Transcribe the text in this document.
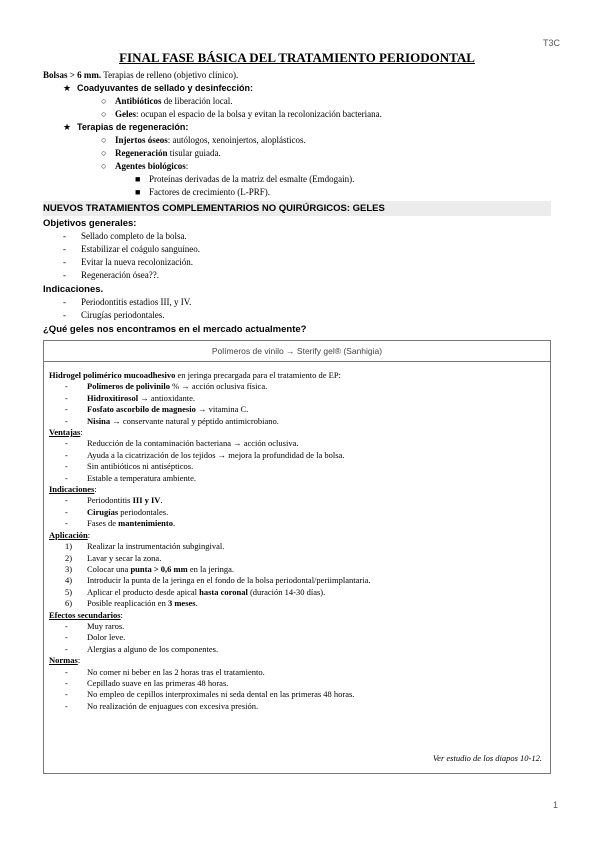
T3C
FINAL FASE BÁSICA DEL TRATAMIENTO PERIODONTAL
Bolsas > 6 mm. Terapias de relleno (objetivo clínico).
★ Coadyuvantes de sellado y desinfección:
○ Antibióticos de liberación local.
○ Geles: ocupan el espacio de la bolsa y evitan la recolonización bacteriana.
★ Terapias de regeneración:
○ Injertos óseos: autólogos, xenoinjertos, aloplásticos.
○ Regeneración tisular guiada.
○ Agentes biológicos:
■ Proteínas derivadas de la matriz del esmalte (Emdogain).
■ Factores de crecimiento (L-PRF).
NUEVOS TRATAMIENTOS COMPLEMENTARIOS NO QUIRÚRGICOS: GELES
Objetivos generales:
- Sellado completo de la bolsa.
- Estabilizar el coágulo sanguíneo.
- Evitar la nueva recolonización.
- Regeneración ósea??.
Indicaciones.
- Periodontitis estadios III, y IV.
- Cirugías periodontales.
¿Qué geles nos encontramos en el mercado actualmente?
Polímeros de vinilo → Sterify gel® (Sanhigia)
Hidrogel polimérico mucoadhesivo en jeringa precargada para el tratamiento de EP:
- Polímeros de polivinilo % → acción oclusiva física.
- Hidroxitirosol → antioxidante.
- Fosfato ascorbilo de magnesio → vitamina C.
- Nisina → conservante natural y péptido antimicrobiano.
Ventajas:
- Reducción de la contaminación bacteriana → acción oclusiva.
- Ayuda a la cicatrización de los tejidos → mejora la profundidad de la bolsa.
- Sin antibióticos ni antisépticos.
- Estable a temperatura ambiente.
Indicaciones:
- Periodontitis III y IV.
- Cirugías periodontales.
- Fases de mantenimiento.
Aplicación:
1) Realizar la instrumentación subgingival.
2) Lavar y secar la zona.
3) Colocar una punta > 0,6 mm en la jeringa.
4) Introducir la punta de la jeringa en el fondo de la bolsa periodontal/periimplantaria.
5) Aplicar el producto desde apical hasta coronal (duración 14-30 días).
6) Posible reaplicación en 3 meses.
Efectos secundarios:
- Muy raros.
- Dolor leve.
- Alergias a alguno de los componentes.
Normas:
- No comer ni beber en las 2 horas tras el tratamiento.
- Cepillado suave en las primeras 48 horas.
- No empleo de cepillos interproximales ni seda dental en las primeras 48 horas.
- No realización de enjuagues con excesiva presión.
Ver estudio de los diapos 10-12.
1
